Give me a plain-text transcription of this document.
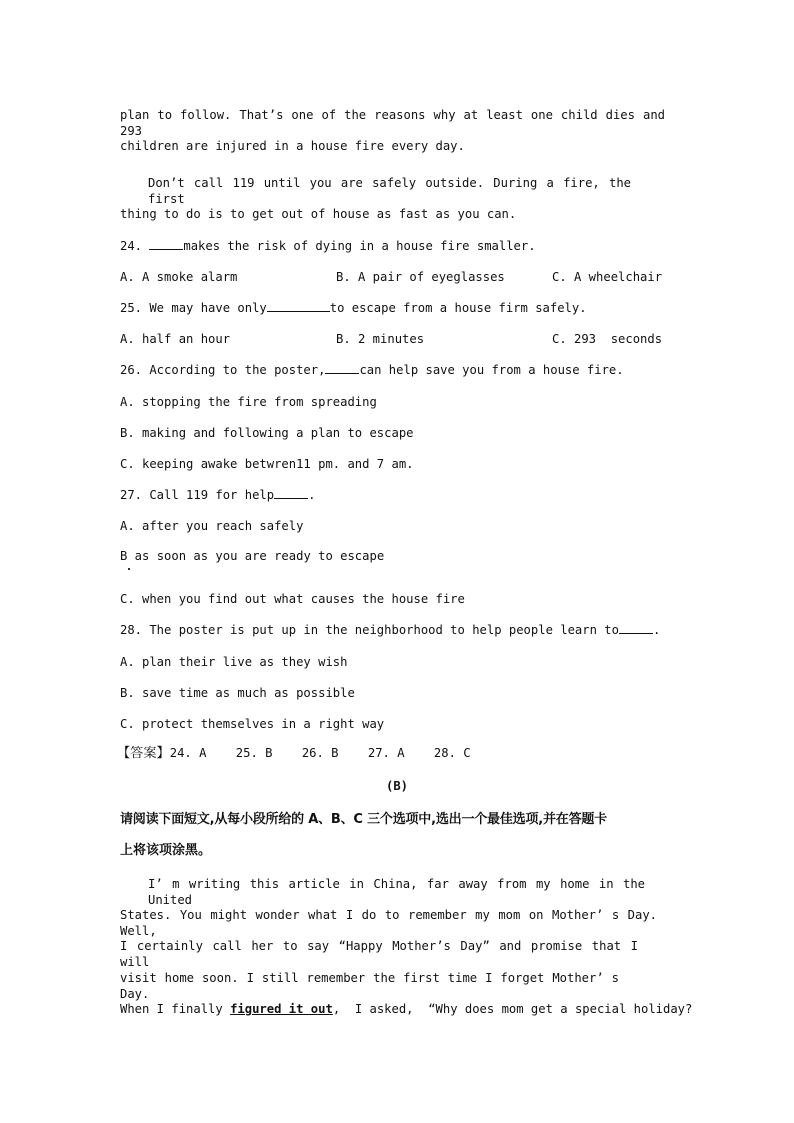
plan to follow. That’s one of the reasons why at least one child dies and 293
children are injured in a house fire every day.
Don’t call 119 until you are safely outside. During a fire, the first
thing to do is to get out of house as fast as you can.
24.	makes the risk of dying in a house fire smaller.
A. A smoke alarm	B. A pair of eyeglasses	C. A wheelchair
25. We may have only	to escape from a house firm safely.
A. half an hour	B. 2 minutes	C. 293  seconds
26. According to the poster,	can help save you from a house fire.
A. stopping the fire from spreading
B. making and following a plan to escape
C. keeping awake betwren11 pm. and 7 am.
27. Call 119 for help	.
A. after you reach safely
B as soon as you are ready to escape
C. when you find out what causes the house fire
28. The poster is put up in the neighborhood to help people learn to	.
A. plan their live as they wish
B. save time as much as possible
C. protect themselves in a right way
【答案】24. A    25. B    26. B    27. A    28. C
(B)
请阅读下面短文,从每小段所给的 A、B、C 三个选项中,选出一个最佳选项,并在答题卡
上将该项涂黑。
I’ m writing this article in China, far away from my home in the United
States. You might wonder what I do to remember my mom on Mother’ s Day. Well,
I certainly call her to say “Happy Mother’s Day” and promise that I will
visit home soon. I still remember the first time I forget Mother’ s Day.
When I finally figured it out,  I asked,  “Why does mom get a special holiday?
